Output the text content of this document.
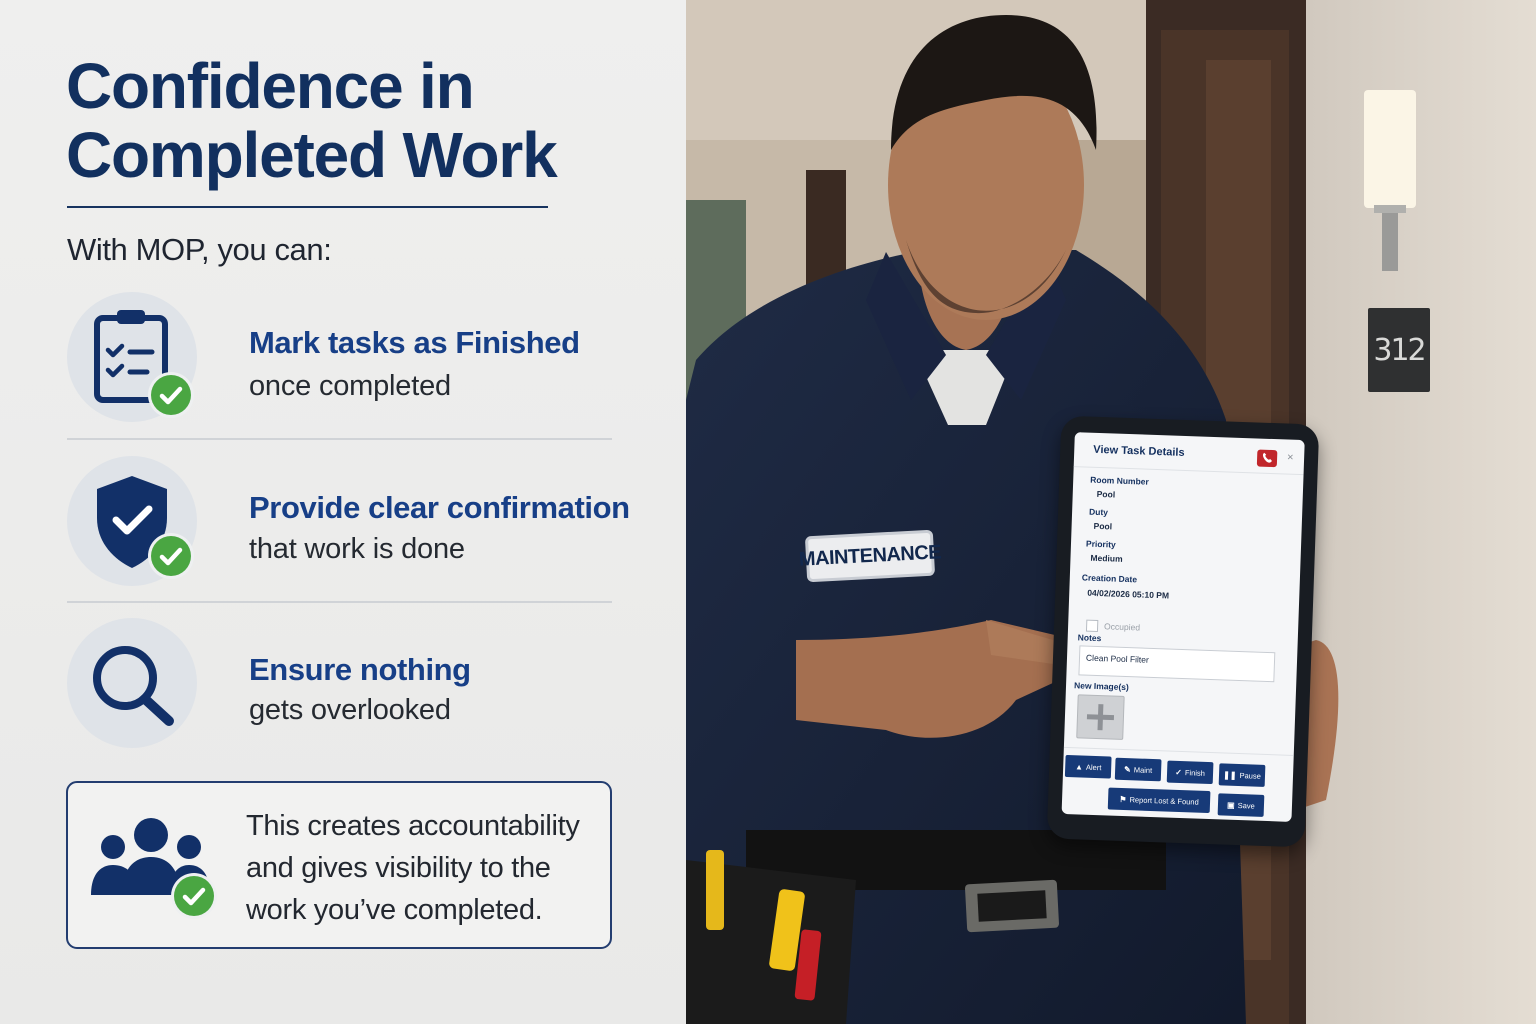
Confidence in
Completed Work
With MOP, you can:
Mark tasks as Finished
once completed
Provide clear confirmation
that work is done
Ensure nothing
gets overlooked
This creates accountability
and gives visibility to the
work you’ve completed.
312
MAINTENANCE
View Task Details	×
Room Number
Pool
Duty
Pool
Priority
Medium
Creation Date
04/02/2026 05:10 PM
Occupied
Notes
Clean Pool Filter
New Image(s)
▲ Alert	✎ Maint	✓ Finish ❚❚ Pause
⚑ Report Lost & Found	▣ Save
